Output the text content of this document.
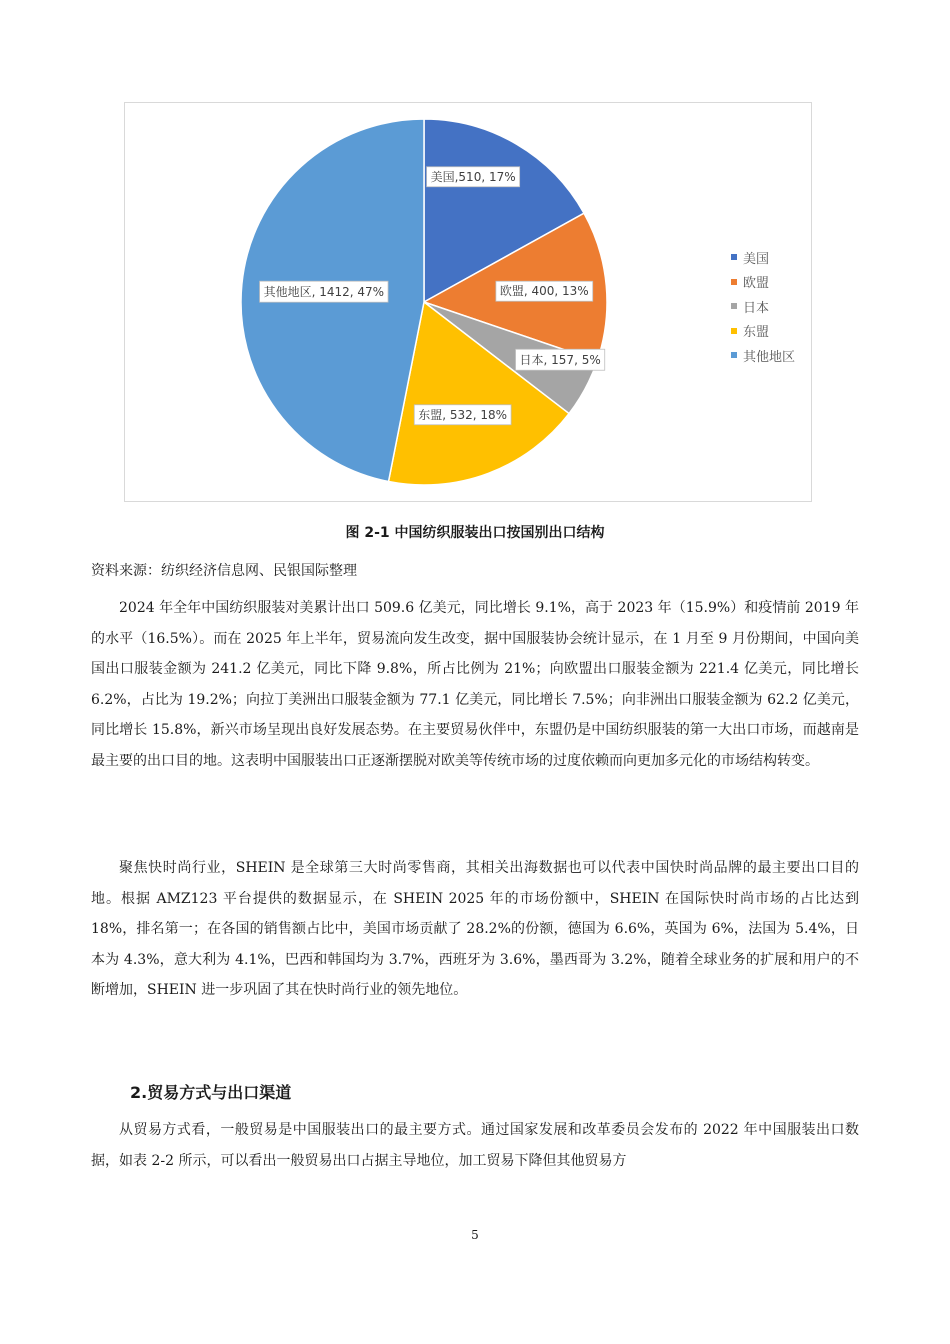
美国,510, 17%
欧盟, 400, 13%
日本, 157, 5%
东盟, 532, 18%
其他地区, 1412, 47%
美国
欧盟
日本
东盟
其他地区
图 2-1 中国纺织服装出口按国别出口结构
资料来源：纺织经济信息网、民银国际整理

2024 年全年中国纺织服装对美累计出口 509.6 亿美元，同比增长 9.1%，高于 2023 年（15.9%）和疫情前 2019 年的水平（16.5%）。而在 2025 年上半年，贸易流向发生改变，据中国服装协会统计显示，在 1 月至 9 月份期间，中国向美国出口服装金额为 241.2 亿美元，同比下降 9.8%，所占比例为 21%；向欧盟出口服装金额为 221.4 亿美元，同比增长 6.2%，占比为 19.2%；向拉丁美洲出口服装金额为 77.1 亿美元，同比增长 7.5%；向非洲出口服装金额为 62.2 亿美元，同比增长 15.8%，新兴市场呈现出良好发展态势。在主要贸易伙伴中，东盟仍是中国纺织服装的第一大出口市场，而越南是最主要的出口目的地。这表明中国服装出口正逐渐摆脱对欧美等传统市场的过度依赖而向更加多元化的市场结构转变。

聚焦快时尚行业，SHEIN 是全球第三大时尚零售商，其相关出海数据也可以代表中国快时尚品牌的最主要出口目的地。根据 AMZ123 平台提供的数据显示，在 SHEIN 2025 年的市场份额中，SHEIN 在国际快时尚市场的占比达到 18%，排名第一；在各国的销售额占比中，美国市场贡献了 28.2%的份额，德国为 6.6%，英国为 6%，法国为 5.4%，日本为 4.3%，意大利为 4.1%，巴西和韩国均为 3.7%，西班牙为 3.6%，墨西哥为 3.2%，随着全球业务的扩展和用户的不断增加，SHEIN 进一步巩固了其在快时尚行业的领先地位。

2.贸易方式与出口渠道

从贸易方式看，一般贸易是中国服装出口的最主要方式。通过国家发展和改革委员会发布的 2022 年中国服装出口数据，如表 2-2 所示，可以看出一般贸易出口占据主导地位，加工贸易下降但其他贸易方

5
